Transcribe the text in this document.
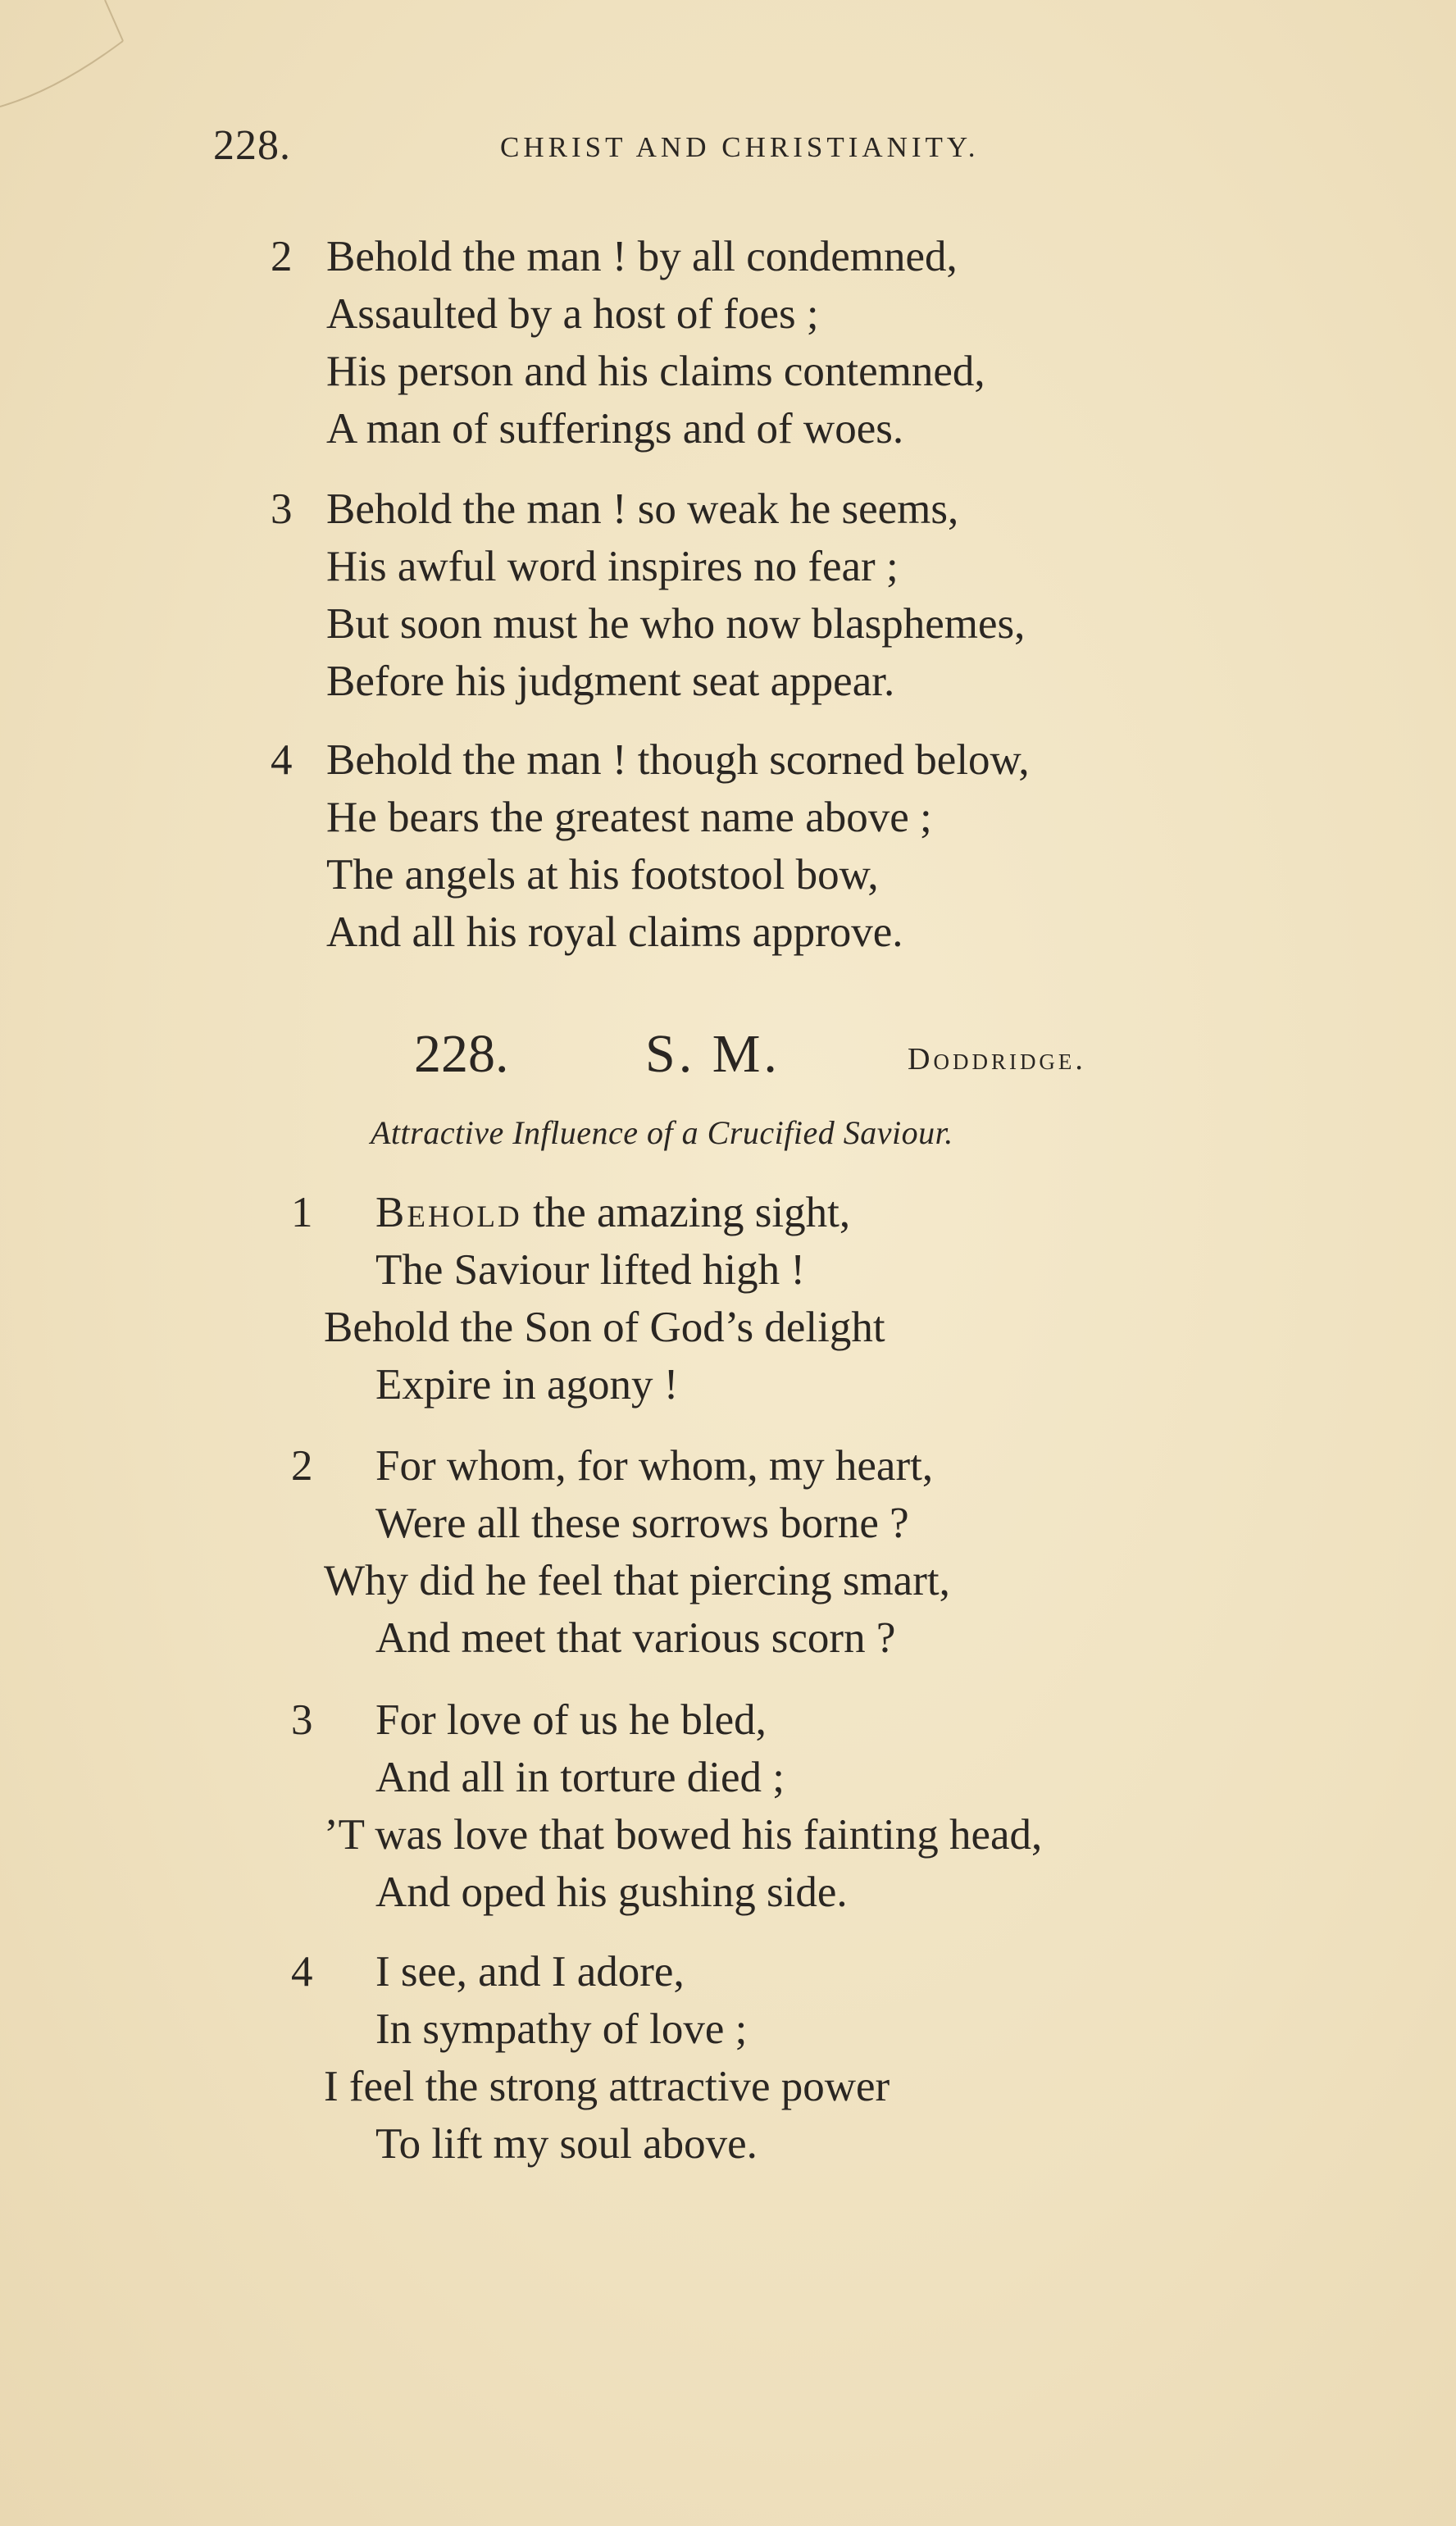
228.	CHRIST AND CHRISTIANITY.
2 Behold the man ! by all condemned,
Assaulted by a host of foes ;
His person and his claims contemned,
A man of sufferings and of woes.
3 Behold the man ! so weak he seems,
His awful word inspires no fear ;
But soon must he who now blasphemes,
Before his judgment seat appear.
4 Behold the man ! though scorned below,
He bears the greatest name above ;
The angels at his footstool bow,
And all his royal claims approve.
228.	S. M.	Doddridge.
Attractive Influence of a Crucified Saviour.
1 Behold the amazing sight,
The Saviour lifted high !
Behold the Son of God’s delight
Expire in agony !
2 For whom, for whom, my heart,
Were all these sorrows borne ?
Why did he feel that piercing smart,
And meet that various scorn ?
3 For love of us he bled,
And all in torture died ;
’T was love that bowed his fainting head,
And oped his gushing side.
4 I see, and I adore,
In sympathy of love ;
I feel the strong attractive power
To lift my soul above.
